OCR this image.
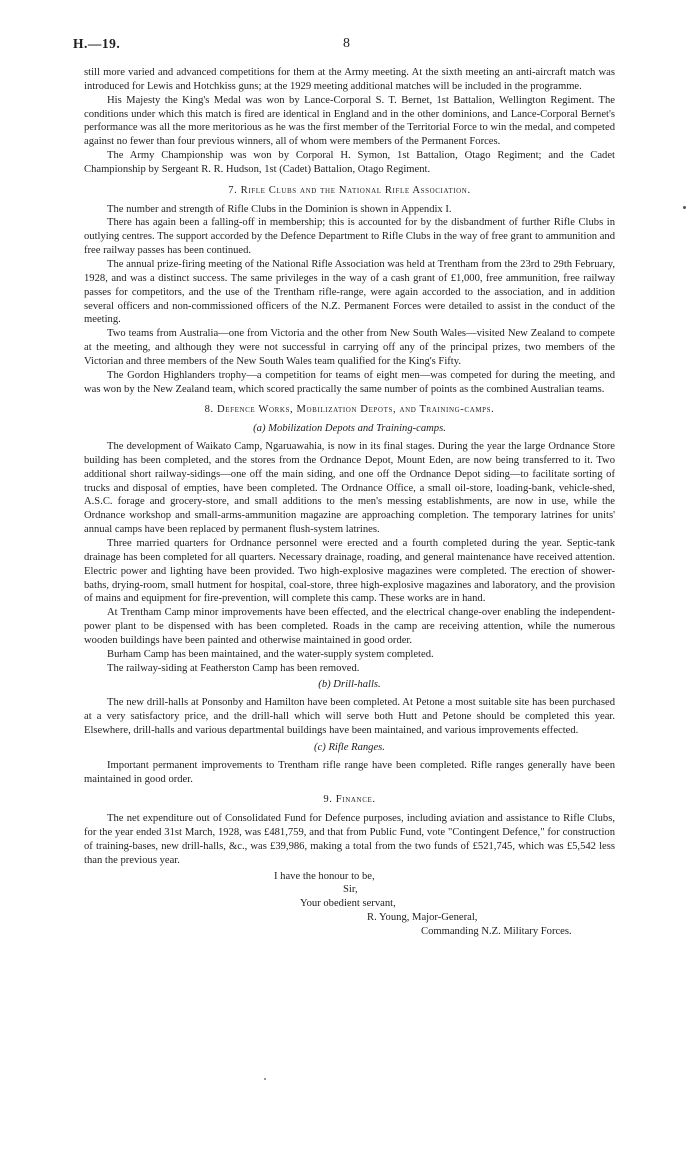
H.—19.	8

still more varied and advanced competitions for them at the Army meeting. At the sixth meeting an anti-aircraft match was introduced for Lewis and Hotchkiss guns; at the 1929 meeting additional matches will be included in the programme.

His Majesty the King's Medal was won by Lance-Corporal S. T. Bernet, 1st Battalion, Wellington Regiment. The conditions under which this match is fired are identical in England and in the other dominions, and Lance-Corporal Bernet's performance was all the more meritorious as he was the first member of the Territorial Force to win the medal, and competed against no fewer than four previous winners, all of whom were members of the Permanent Forces.

The Army Championship was won by Corporal H. Symon, 1st Battalion, Otago Regiment; and the Cadet Championship by Sergeant R. R. Hudson, 1st (Cadet) Battalion, Otago Regiment.

7. Rifle Clubs and the National Rifle Association.

The number and strength of Rifle Clubs in the Dominion is shown in Appendix I.

There has again been a falling-off in membership; this is accounted for by the disbandment of further Rifle Clubs in outlying centres. The support accorded by the Defence Department to Rifle Clubs in the way of free grant to ammunition and free railway passes has been continued.

The annual prize-firing meeting of the National Rifle Association was held at Trentham from the 23rd to 29th February, 1928, and was a distinct success. The same privileges in the way of a cash grant of £1,000, free ammunition, free railway passes for competitors, and the use of the Trentham rifle-range, were again accorded to the association, and in addition several officers and non-commissioned officers of the N.Z. Permanent Forces were detailed to assist in the conduct of the meeting.

Two teams from Australia—one from Victoria and the other from New South Wales—visited New Zealand to compete at the meeting, and although they were not successful in carrying off any of the principal prizes, two members of the Victorian and three members of the New South Wales team qualified for the King's Fifty.

The Gordon Highlanders trophy—a competition for teams of eight men—was competed for during the meeting, and was won by the New Zealand team, which scored practically the same number of points as the combined Australian teams.

8. Defence Works, Mobilization Depots, and Training-camps.
(a) Mobilization Depots and Training-camps.

The development of Waikato Camp, Ngaruawahia, is now in its final stages. During the year the large Ordnance Store building has been completed, and the stores from the Ordnance Depot, Mount Eden, are now being transferred to it. Two additional short railway-sidings—one off the main siding, and one off the Ordnance Depot siding—to facilitate sorting of trucks and disposal of empties, have been completed. The Ordnance Office, a small oil-store, loading-bank, vehicle-shed, A.S.C. forage and grocery-store, and small additions to the men's messing establishments, are now in use, while the Ordnance workshop and small-arms-ammunition magazine are approaching completion. The temporary latrines for units' annual camps have been replaced by permanent flush-system latrines.

Three married quarters for Ordnance personnel were erected and a fourth completed during the year. Septic-tank drainage has been completed for all quarters. Necessary drainage, roading, and general maintenance have received attention. Electric power and lighting have been provided. Two high-explosive magazines were completed. The erection of shower-baths, drying-room, small hutment for hospital, coal-store, three high-explosive magazines and laboratory, and the provision of mains and equipment for fire-prevention, will complete this camp. These works are in hand.

At Trentham Camp minor improvements have been effected, and the electrical change-over enabling the independent-power plant to be dispensed with has been completed. Roads in the camp are receiving attention, while the numerous wooden buildings have been painted and otherwise maintained in good order.

Burham Camp has been maintained, and the water-supply system completed.

The railway-siding at Featherston Camp has been removed.

(b) Drill-halls.

The new drill-halls at Ponsonby and Hamilton have been completed. At Petone a most suitable site has been purchased at a very satisfactory price, and the drill-hall which will serve both Hutt and Petone should be completed this year. Elsewhere, drill-halls and various departmental buildings have been maintained, and various improvements effected.

(c) Rifle Ranges.

Important permanent improvements to Trentham rifle range have been completed. Rifle ranges generally have been maintained in good order.

9. Finance.

The net expenditure out of Consolidated Fund for Defence purposes, including aviation and assistance to Rifle Clubs, for the year ended 31st March, 1928, was £481,759, and that from Public Fund, vote "Contingent Defence," for construction of training-bases, new drill-halls, &c., was £39,986, making a total from the two funds of £521,745, which was £5,542 less than the previous year.

I have the honour to be,
Sir,
Your obedient servant,
R. Young, Major-General,
Commanding N.Z. Military Forces.
